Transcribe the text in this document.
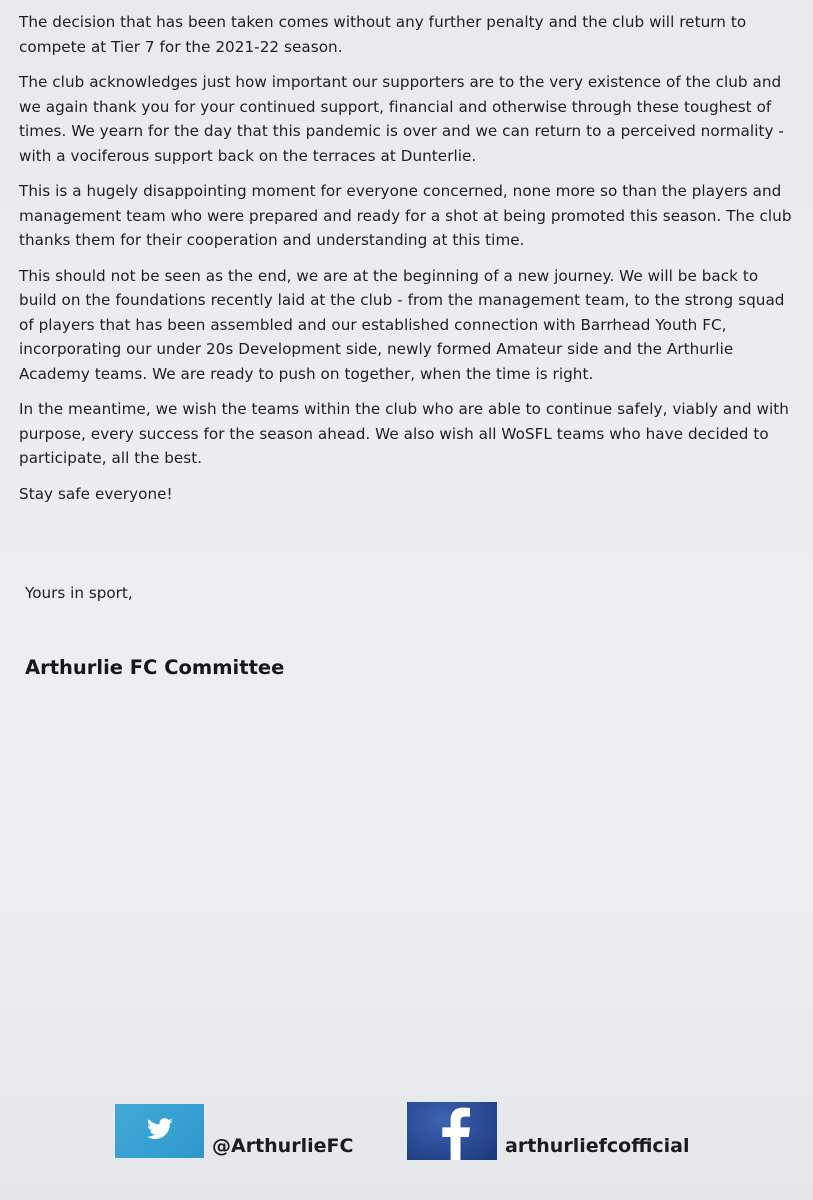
The decision that has been taken comes without any further penalty and the club will return to
compete at Tier 7 for the 2021-22 season.

The club acknowledges just how important our supporters are to the very existence of the club and
we again thank you for your continued support, financial and otherwise through these toughest of
times. We yearn for the day that this pandemic is over and we can return to a perceived normality -
with a vociferous support back on the terraces at Dunterlie.

This is a hugely disappointing moment for everyone concerned, none more so than the players and
management team who were prepared and ready for a shot at being promoted this season. The club
thanks them for their cooperation and understanding at this time.

This should not be seen as the end, we are at the beginning of a new journey. We will be back to
build on the foundations recently laid at the club - from the management team, to the strong squad
of players that has been assembled and our established connection with Barrhead Youth FC,
incorporating our under 20s Development side, newly formed Amateur side and the Arthurlie
Academy teams. We are ready to push on together, when the time is right.

In the meantime, we wish the teams within the club who are able to continue safely, viably and with
purpose, every success for the season ahead. We also wish all WoSFL teams who have decided to
participate, all the best.

Stay safe everyone!

Yours in sport,
Arthurlie FC Committee
@ArthurlieFC	arthurliefcofficial
